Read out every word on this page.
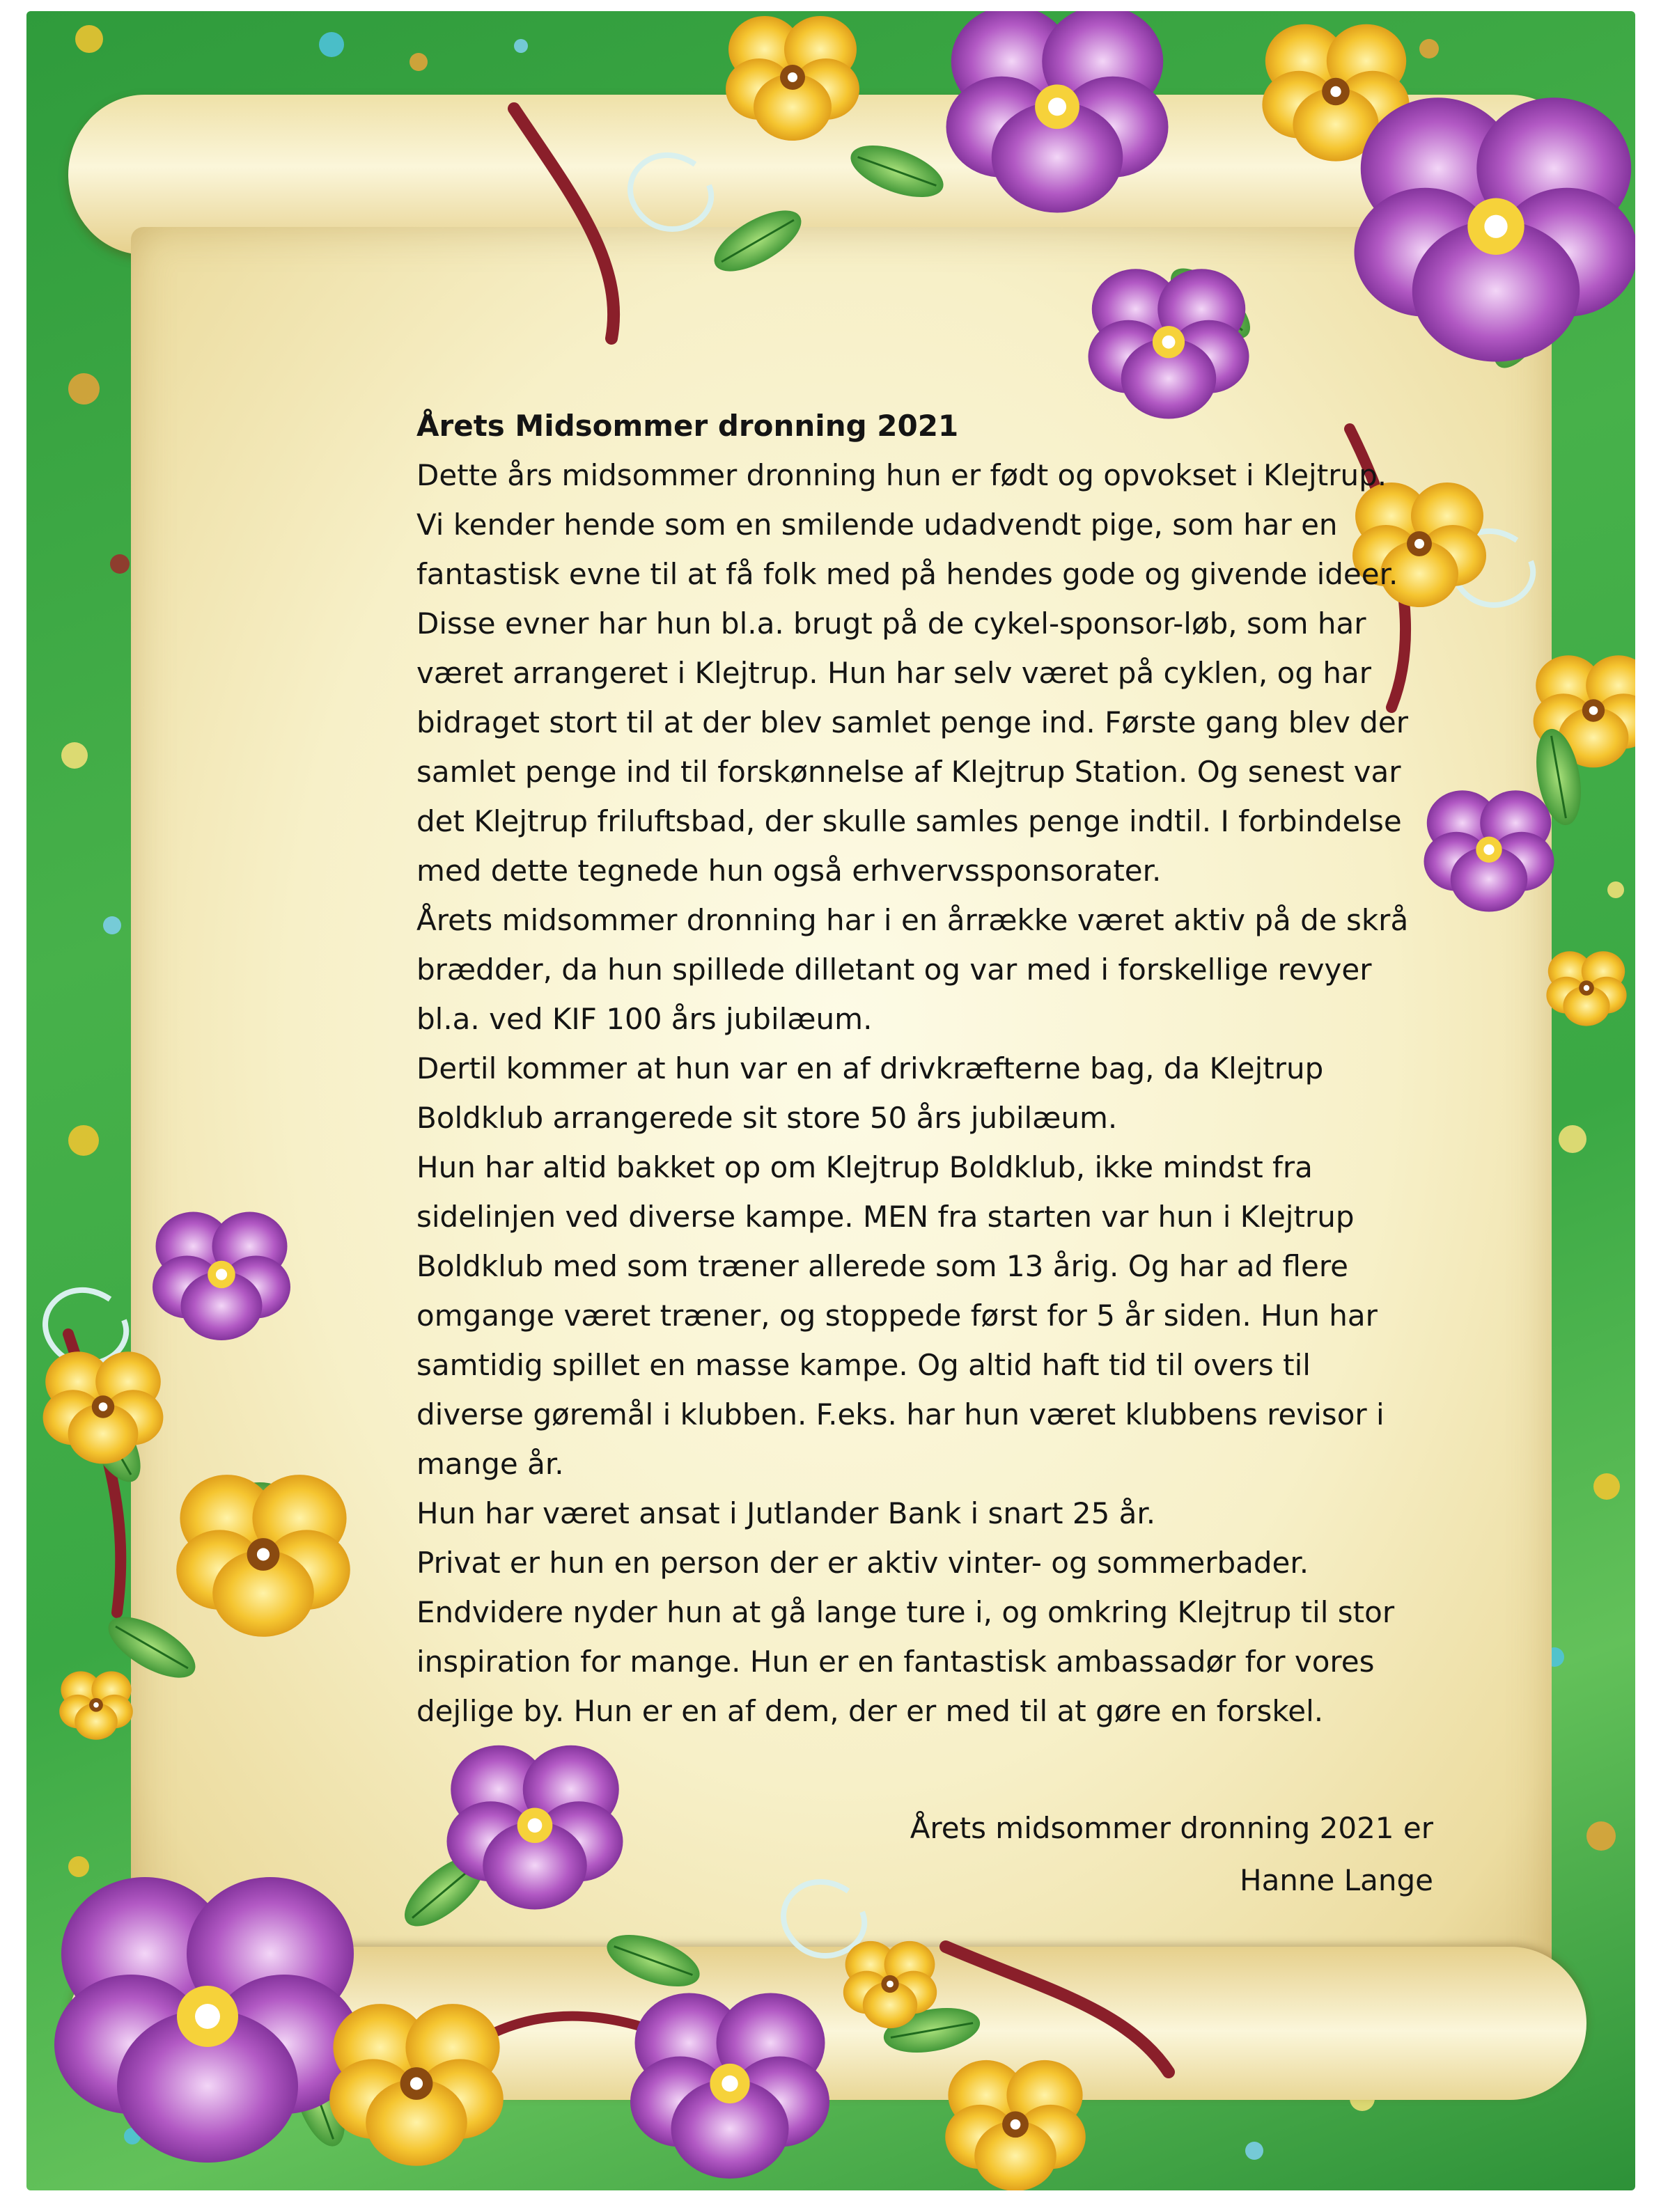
Årets Midsommer dronning 2021
Dette års midsommer dronning hun er født og opvokset i Klejtrup.
Vi kender hende som en smilende udadvendt pige, som har en
fantastisk evne til at få folk med på hendes gode og givende ideer.
Disse evner har hun bl.a. brugt på de cykel-sponsor-løb, som har
været arrangeret i Klejtrup. Hun har selv været på cyklen, og har
bidraget stort til at der blev samlet penge ind. Første gang blev der
samlet penge ind til forskønnelse af Klejtrup Station. Og senest var
det Klejtrup friluftsbad, der skulle samles penge indtil. I forbindelse
med dette tegnede hun også erhvervssponsorater.
Årets midsommer dronning har i en årrække været aktiv på de skrå
brædder, da hun spillede dilletant og var med i forskellige revyer
bl.a. ved KIF 100 års jubilæum.
Dertil kommer at hun var en af drivkræfterne bag, da Klejtrup
Boldklub arrangerede sit store 50 års jubilæum.
Hun har altid bakket op om Klejtrup Boldklub, ikke mindst fra
sidelinjen ved diverse kampe. MEN fra starten var hun i Klejtrup
Boldklub med som træner allerede som 13 årig. Og har ad flere
omgange været træner, og stoppede først for 5 år siden. Hun har
samtidig spillet en masse kampe. Og altid haft tid til overs til
diverse gøremål i klubben. F.eks. har hun været klubbens revisor i
mange år.
Hun har været ansat i Jutlander Bank i snart 25 år.
Privat er hun en person der er aktiv vinter- og sommerbader.
Endvidere nyder hun at gå lange ture i, og omkring Klejtrup til stor
inspiration for mange. Hun er en fantastisk ambassadør for vores
dejlige by. Hun er en af dem, der er med til at gøre en forskel.
Årets midsommer dronning 2021 er
Hanne Lange
